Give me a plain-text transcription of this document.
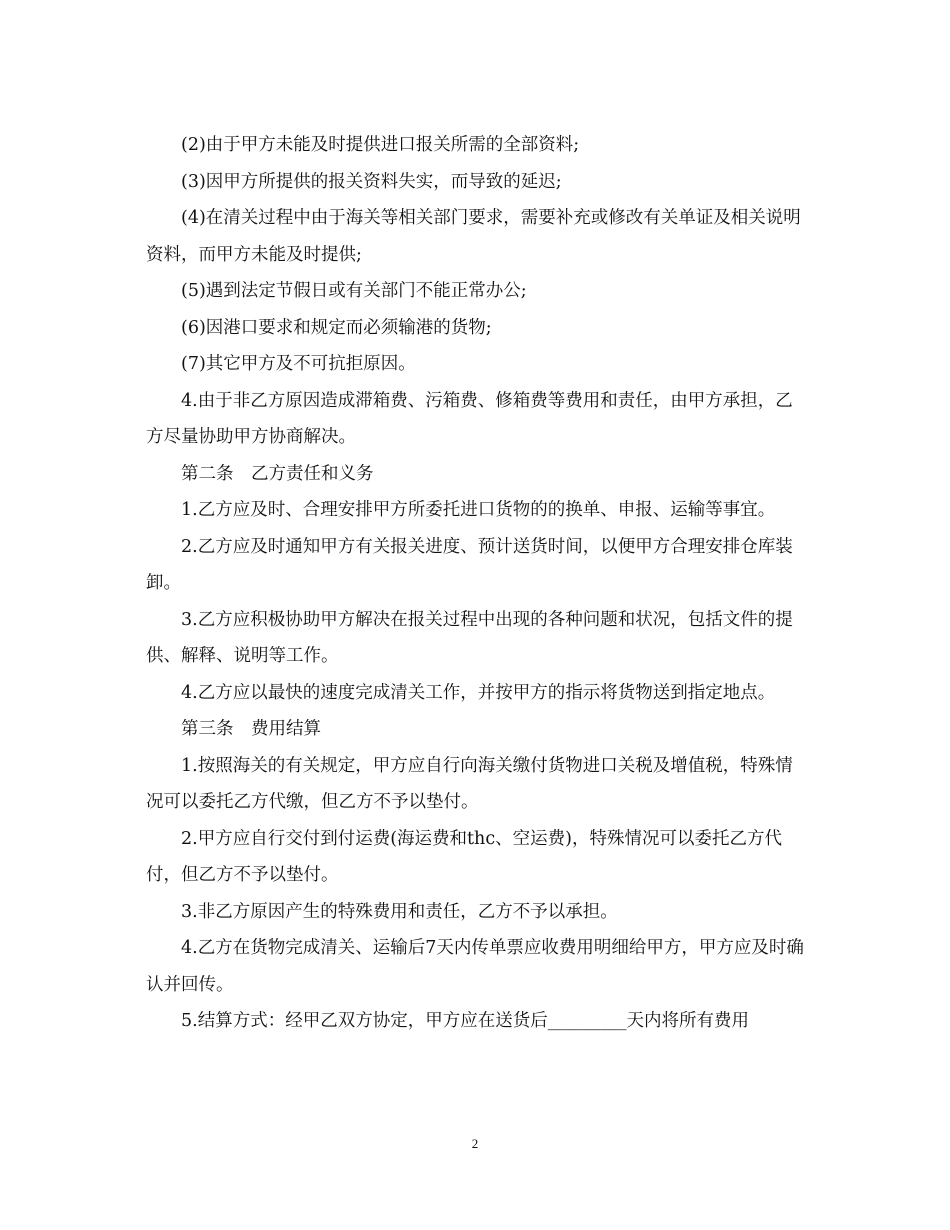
(2)由于甲方未能及时提供进口报关所需的全部资料;

(3)因甲方所提供的报关资料失实，而导致的延迟;

(4)在清关过程中由于海关等相关部门要求，需要补充或修改有关单证及相关说明资料，而甲方未能及时提供;

(5)遇到法定节假日或有关部门不能正常办公;

(6)因港口要求和规定而必须输港的货物;

(7)其它甲方及不可抗拒原因。

4.由于非乙方原因造成滞箱费、污箱费、修箱费等费用和责任，由甲方承担，乙方尽量协助甲方协商解决。

第二条　乙方责任和义务

1.乙方应及时、合理安排甲方所委托进口货物的的换单、申报、运输等事宜。

2.乙方应及时通知甲方有关报关进度、预计送货时间，以便甲方合理安排仓库装卸。

3.乙方应积极协助甲方解决在报关过程中出现的各种问题和状况，包括文件的提供、解释、说明等工作。

4.乙方应以最快的速度完成清关工作，并按甲方的指示将货物送到指定地点。

第三条　费用结算

1.按照海关的有关规定，甲方应自行向海关缴付货物进口关税及增值税，特殊情况可以委托乙方代缴，但乙方不予以垫付。

2.甲方应自行交付到付运费(海运费和thc、空运费)，特殊情况可以委托乙方代付，但乙方不予以垫付。

3.非乙方原因产生的特殊费用和责任，乙方不予以承担。

4.乙方在货物完成清关、运输后7天内传单票应收费用明细给甲方，甲方应及时确认并回传。

5.结算方式：经甲乙双方协定，甲方应在送货后_________天内将所有费用

2
